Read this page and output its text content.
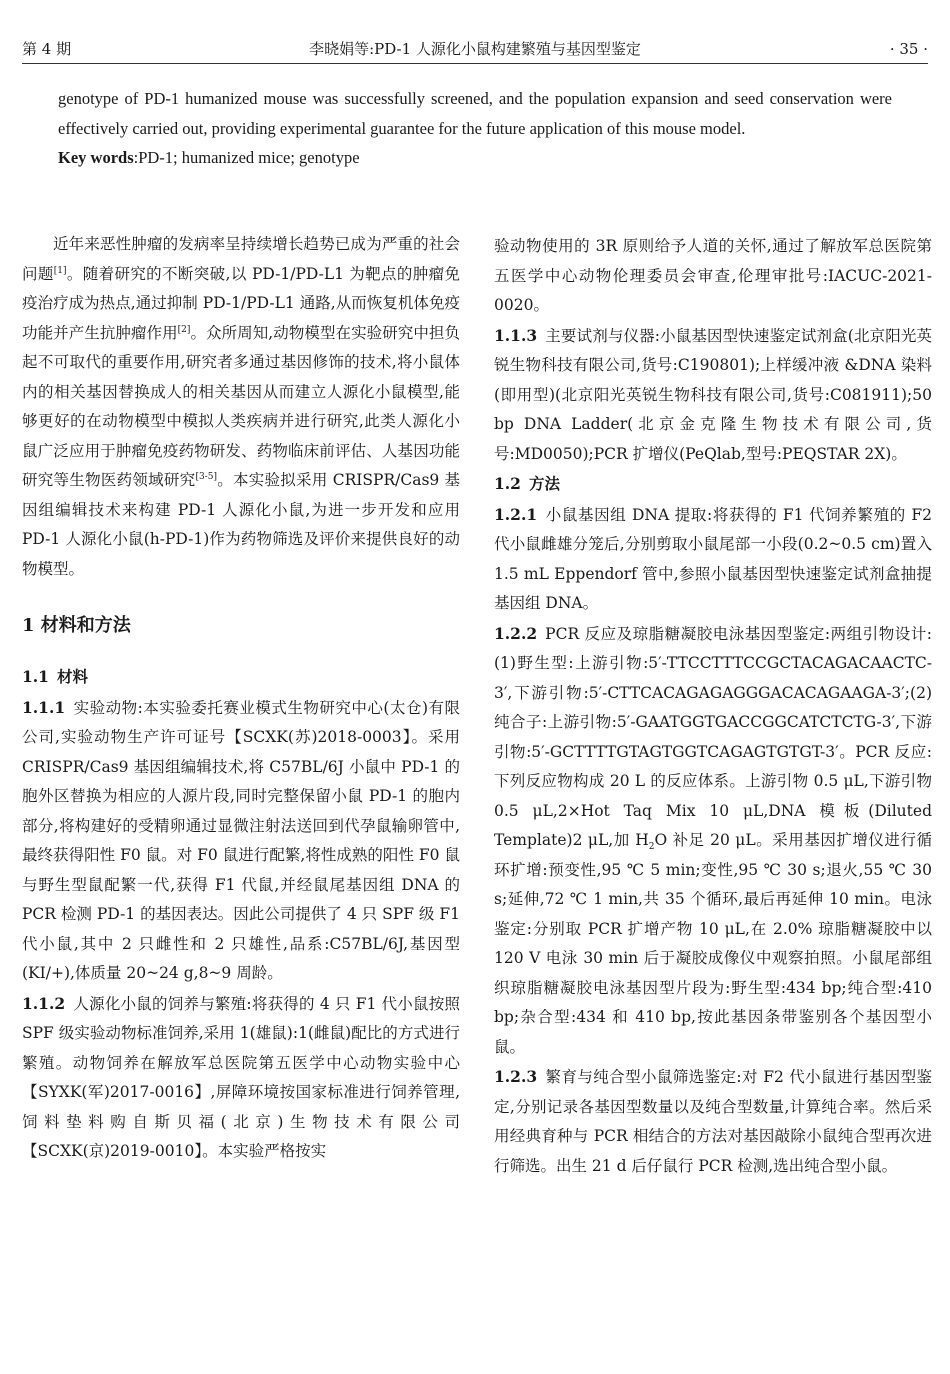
第 4 期	李晓娟等:PD-1 人源化小鼠构建繁殖与基因型鉴定	· 35 ·

genotype of PD-1 humanized mouse was successfully screened, and the population expansion and seed conservation were effectively carried out, providing experimental guarantee for the future application of this mouse model.

Key words:PD-1; humanized mice; genotype

近年来恶性肿瘤的发病率呈持续增长趋势已成为严重的社会问题[1]。随着研究的不断突破,以 PD-1/PD-L1 为靶点的肿瘤免疫治疗成为热点,通过抑制 PD-1/PD-L1 通路,从而恢复机体免疫功能并产生抗肿瘤作用[2]。众所周知,动物模型在实验研究中担负起不可取代的重要作用,研究者多通过基因修饰的技术,将小鼠体内的相关基因替换成人的相关基因从而建立人源化小鼠模型,能够更好的在动物模型中模拟人类疾病并进行研究,此类人源化小鼠广泛应用于肿瘤免疫药物研发、药物临床前评估、人基因功能研究等生物医药领域研究[3-5]。本实验拟采用 CRISPR/Cas9 基因组编辑技术来构建 PD-1 人源化小鼠,为进一步开发和应用 PD-1 人源化小鼠(h-PD-1)作为药物筛选及评价来提供良好的动物模型。

1 材料和方法

1.1 材料

1.1.1 实验动物:本实验委托赛业模式生物研究中心(太仓)有限公司,实验动物生产许可证号【SCXK(苏)2018-0003】。采用 CRISPR/Cas9 基因组编辑技术,将 C57BL/6J 小鼠中 PD-1 的胞外区替换为相应的人源片段,同时完整保留小鼠 PD-1 的胞内部分,将构建好的受精卵通过显微注射法送回到代孕鼠输卵管中,最终获得阳性 F0 鼠。对 F0 鼠进行配繁,将性成熟的阳性 F0 鼠与野生型鼠配繁一代,获得 F1 代鼠,并经鼠尾基因组 DNA 的 PCR 检测 PD-1 的基因表达。因此公司提供了 4 只 SPF 级 F1 代小鼠,其中 2 只雌性和 2 只雄性,品系:C57BL/6J,基因型(KI/+),体质量 20~24 g,8~9 周龄。

1.1.2 人源化小鼠的饲养与繁殖:将获得的 4 只 F1 代小鼠按照 SPF 级实验动物标准饲养,采用 1(雄鼠):1(雌鼠)配比的方式进行繁殖。动物饲养在解放军总医院第五医学中心动物实验中心【SYXK(军)2017-0016】,屏障环境按国家标准进行饲养管理,饲料垫料购自斯贝福(北京)生物技术有限公司【SCXK(京)2019-0010】。本实验严格按实

验动物使用的 3R 原则给予人道的关怀,通过了解放军总医院第五医学中心动物伦理委员会审查,伦理审批号:IACUC-2021-0020。

1.1.3 主要试剂与仪器:小鼠基因型快速鉴定试剂盒(北京阳光英锐生物科技有限公司,货号:C190801);上样缓冲液 &DNA 染料(即用型)(北京阳光英锐生物科技有限公司,货号:C081911);50 bp DNA Ladder(北京金克隆生物技术有限公司,货号:MD0050);PCR 扩增仪(PeQlab,型号:PEQSTAR 2X)。

1.2 方法

1.2.1 小鼠基因组 DNA 提取:将获得的 F1 代饲养繁殖的 F2 代小鼠雌雄分笼后,分别剪取小鼠尾部一小段(0.2~0.5 cm)置入 1.5 mL Eppendorf 管中,参照小鼠基因型快速鉴定试剂盒抽提基因组 DNA。

1.2.2 PCR 反应及琼脂糖凝胶电泳基因型鉴定:两组引物设计:(1)野生型:上游引物:5′-TTCCTTTCCGCTACAGACAACTC-3′,下游引物:5′-CTTCACAGAGAGGGACACAGAAGA-3′;(2)纯合子:上游引物:5′-GAATGGTGACCGGCATCTCTG-3′,下游引物:5′-GCTTTTGTAGTGGTCAGAGTGTGT-3′。PCR 反应:下列反应物构成 20 L 的反应体系。上游引物 0.5 μL,下游引物 0.5 μL,2×Hot Taq Mix 10 μL,DNA 模板(Diluted Template)2 μL,加 $H_2O$ 补足 20 μL。采用基因扩增仪进行循环扩增:预变性,95 ℃ 5 min;变性,95 ℃ 30 s;退火,55 ℃ 30 s;延伸,72 ℃ 1 min,共 35 个循环,最后再延伸 10 min。电泳鉴定:分别取 PCR 扩增产物 10 μL,在 2.0% 琼脂糖凝胶中以 120 V 电泳 30 min 后于凝胶成像仪中观察拍照。小鼠尾部组织琼脂糖凝胶电泳基因型片段为:野生型:434 bp;纯合型:410 bp;杂合型:434 和 410 bp,按此基因条带鉴别各个基因型小鼠。

1.2.3 繁育与纯合型小鼠筛选鉴定:对 F2 代小鼠进行基因型鉴定,分别记录各基因型数量以及纯合型数量,计算纯合率。然后采用经典育种与 PCR 相结合的方法对基因敲除小鼠纯合型再次进行筛选。出生 21 d 后仔鼠行 PCR 检测,选出纯合型小鼠。
